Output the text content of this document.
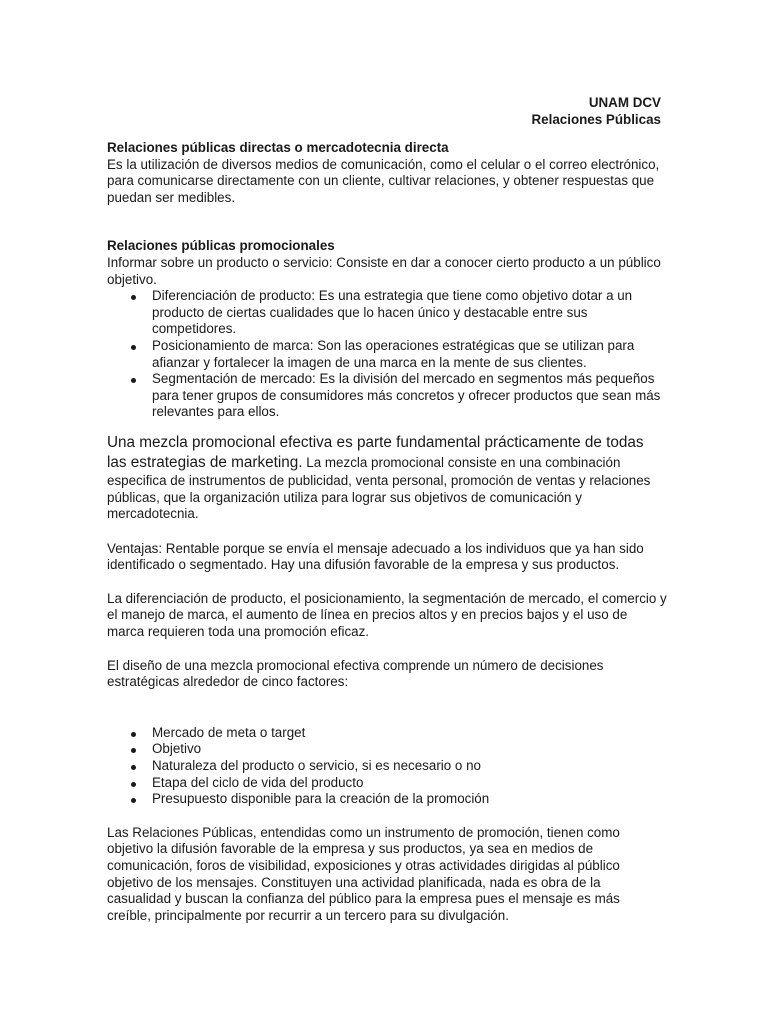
UNAM DCV
Relaciones Públicas
Relaciones públicas directas o mercadotecnia directa

Es la utilización de diversos medios de comunicación, como el celular o el correo electrónico, para comunicarse directamente con un cliente, cultivar relaciones, y obtener respuestas que puedan ser medibles.

Relaciones públicas promocionales

Informar sobre un producto o servicio: Consiste en dar a conocer cierto producto a un público objetivo.

Diferenciación de producto: Es una estrategia que tiene como objetivo dotar a un producto de ciertas cualidades que lo hacen único y destacable entre sus competidores.
Posicionamiento de marca: Son las operaciones estratégicas que se utilizan para afianzar y fortalecer la imagen de una marca en la mente de sus clientes.
Segmentación de mercado: Es la división del mercado en segmentos más pequeños para tener grupos de consumidores más concretos y ofrecer productos que sean más relevantes para ellos.

Una mezcla promocional efectiva es parte fundamental prácticamente de todas las estrategias de marketing. La mezcla promocional consiste en una combinación especifica de instrumentos de publicidad, venta personal, promoción de ventas y relaciones públicas, que la organización utiliza para lograr sus objetivos de comunicación y mercadotecnia.

Ventajas: Rentable porque se envía el mensaje adecuado a los individuos que ya han sido identificado o segmentado. Hay una difusión favorable de la empresa y sus productos.

La diferenciación de producto, el posicionamiento, la segmentación de mercado, el comercio y el manejo de marca, el aumento de línea en precios altos y en precios bajos y el uso de marca requieren toda una promoción eficaz.

El diseño de una mezcla promocional efectiva comprende un número de decisiones estratégicas alrededor de cinco factores:

Mercado de meta o target
Objetivo
Naturaleza del producto o servicio, si es necesario o no
Etapa del ciclo de vida del producto
Presupuesto disponible para la creación de la promoción

Las Relaciones Públicas, entendidas como un instrumento de promoción, tienen como objetivo la difusión favorable de la empresa y sus productos, ya sea en medios de comunicación, foros de visibilidad, exposiciones y otras actividades dirigidas al público objetivo de los mensajes. Constituyen una actividad planificada, nada es obra de la casualidad y buscan la confianza del público para la empresa pues el mensaje es más creíble, principalmente por recurrir a un tercero para su divulgación.
